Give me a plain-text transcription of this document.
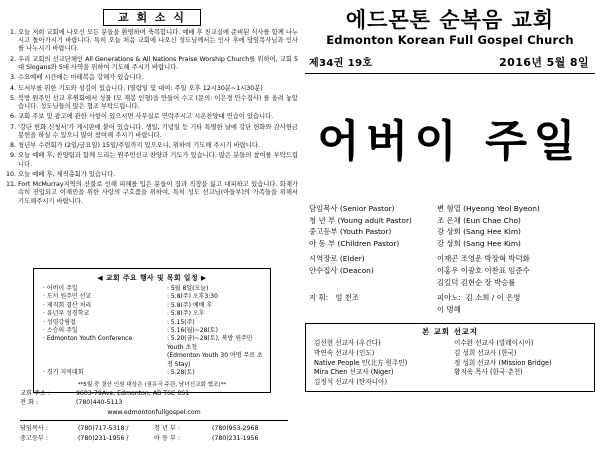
교 회 소 식
1. 오늘 저희 교회에 나오신 모든 분들을 환영하며 축복합니다. 예배 후 친교실에 준비된 식사를 함께 나누시고 돌아가시기 바랍니다. 특히 오늘 처음 교회에 나오신 성도님께서는 인사 후에 담임목사님과 인사를 나누시기 바랍니다.
2. 우리 교회의 선교단체인 All Generations & All Nations Praise Worship Church를 위하여, 교회 5대 Slogans와 5대 사역을 위하여 기도해 주시기 바랍니다.
3. 수요예배 시간에는 마태복음 강해가 있습니다.
4. 도서부를 위한 기도와 섬김이 있습니다. (열람일 및 대여: 주일 오후 12시30분~1시30분)
5. 북방 원주민 선교 후원회에서 성물 (모 재봉 인형)을 만들어 수고 (문의: 이은경 안수집사) 를 올려 놓았습니다. 성도님들의 많은 협조 부탁드립니다.
6. 교회 주보 및 광고에 관한 사항이 있으시면 사무실로 연락주시고 시온찬양대 연습이 있습니다.
7. '강단 헌화 신청서'가 게시판에 붙어 있습니다. 생일, 기념일 등 기타 특별한 날에 강단 헌화와 감사헌금 봉헌을 하실 수 있으니 많이 참여해 주시기 바랍니다.
8. 청년부 수련회가 (2일/금요일) 15일/주일까지 있으오니, 위하여 기도해 주시기 바랍니다.
9. 오늘 예배 후, 찬양팀과 함께 드리는 원주민선교 찬양과 기도가 있습니다. 많은 분들의 참여를 부탁드립니다.
10. 오늘 예배 후, 제직총회가 있습니다.
11. Fort McMurray지역의 산불로 인해 피해를 입은 분들이 집과 직장을 잃고 대피하고 있습니다. 화재가 속히 진압되고 이재민을 위한 사랑의 구호품을 위하여, 특히 성도 선교님(아들부)의 가족들을 위해서 기도해주시기 바랍니다.
◀ 교회 주요 행사 및 목회 일정 ▶
· 어버이 주일	: 5월 8일(오늘)
· 도서 원주민 선교	: 5.8(주) 오후3:30
· 제직회 결산 처리	: 5.8(주) 예배 후
· 유년부 성경학교	: 5.8(주) 오후
· 성령강림절	: 5.15(주)
· 스승의 주일	: 5.16(월)~28(토)
· Edmonton Youth Conference	: 5.20(금)~28(토), 북방 원주민 Youth 초청
(Edmonton Youth 30 여명 무료 초청 Stay)
· 경기 지역대회	: 5.28(토)
**5월 중 결산 인원 대상은 (권유국 주관, 남녀선교회 협조)**
교회 주소 :	9603-79Ave, Edmonton, AB T6C 0S1
전 화 :	(780)440-5113
www.edmontonfullgospel.com
담임목사 :	(780)717-5318 /	청 년 부 :	(780)953-2968
중고등부 :	(780)231-1956 /	아 동 부 :	(780)231-1956
에드몬톤 순복음 교회
Edmonton Korean Full Gospel Church
제34권 19호	2016년 5월 8일
어버이 주일
담임목사 (Senior Pastor)	변 형열 (Hyeong Yeol Byeon)
청 년 부 (Young adult Pastor)	조 은채 (Eun Chae Cho)
중고등부 (Youth Pastor)	강 상희 (Sang Hee Kim)
아 동 부 (Children Pastor)	강 상희 (Sang Hee Kim)
시역장로 (Elder)	이재곤 조영운 박장혁 박덕화
안수집사 (Deacon)	이홍우 이광호 이찬표 임준수
김길덕 김현순 장 박승률
지 휘: 엄 천조	피아노: 김 소희 / 이 은영
이 명혜
본 교회 선교지
김선현 선교사 (우간다)	이수완 선교사 (말레이시아)
박연숙 선교사 (인도)	김 성희 선교사 (한국)
Native People 인(北方 원주민)	정 성희 선교사 (Mission Bridge)
Mira Chen 선교사 (Niger)	황지욱 목사 (한국 춘천)
김정석 선교사 (탄자니아)
